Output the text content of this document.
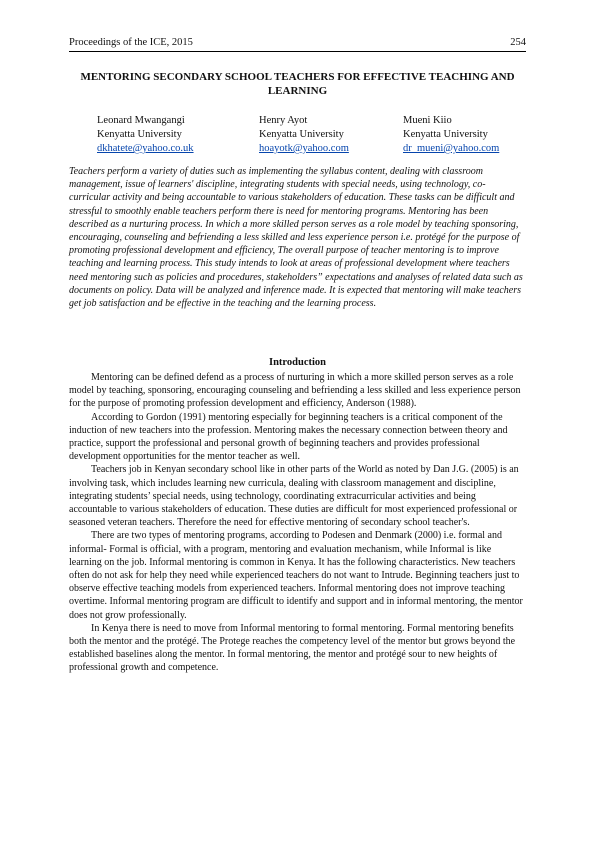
Proceedings of the ICE, 2015	254
MENTORING SECONDARY SCHOOL TEACHERS FOR EFFECTIVE TEACHING AND LEARNING
Leonard Mwangangi
Kenyatta University
dkhatete@yahoo.co.uk
Henry Ayot
Kenyatta University
hoayotk@yahoo.com
Mueni Kiio
Kenyatta University
dr_mueni@yahoo.com

Teachers perform a variety of duties such as implementing the syllabus content, dealing with classroom management, issue of learners' discipline, integrating students with special needs, using technology, co-curricular activity and being accountable to various stakeholders of education. These tasks can be difficult and stressful to smoothly enable teachers perform there is need for mentoring programs. Mentoring has been described as a nurturing process. In which a more skilled person serves as a role model by teaching sponsoring, encouraging, counseling and befriending a less skilled and less experience person i.e. protégé for the purpose of promoting professional development and efficiency, The overall purpose of teacher mentoring is to improve teaching and learning process. This study intends to look at areas of professional development where teachers need mentoring such as policies and procedures, stakeholders” expectations and analyses of related data such as documents on policy. Data will be analyzed and inference made. It is expected that mentoring will make teachers get job satisfaction and be effective in the teaching and the learning process.

Introduction

Mentoring can be defined defend as a process of nurturing in which a more skilled person serves as a role model by teaching, sponsoring, encouraging counseling and befriending a less skilled and less experience person for the purpose of promoting profession development and efficiency, Anderson (1988).

According to Gordon (1991) mentoring especially for beginning teachers is a critical component of the induction of new teachers into the profession. Mentoring makes the necessary connection between theory and practice, support the professional and personal growth of beginning teachers and provides professional development opportunities for the mentor teacher as well.

Teachers job in Kenyan secondary school like in other parts of the World as noted by Dan J.G. (2005) is an involving task, which includes learning new curricula, dealing with classroom management and discipline, integrating students’ special needs, using technology, coordinating extracurricular activities and being accountable to various stakeholders of education. These duties are difficult for most experienced professional or seasoned veteran teachers. Therefore the need for effective mentoring of secondary school teacher's.

There are two types of mentoring programs, according to Podesen and Denmark (2000) i.e. formal and informal- Formal is official, with a program, mentoring and evaluation mechanism, while Informal is like learning on the job. Informal mentoring is common in Kenya. It has the following characteristics. New teachers often do not ask for help they need while experienced teachers do not want to Intrude. Beginning teachers just to observe effective teaching models from experienced teachers. Informal mentoring does not improve teaching overtime. Informal mentoring program are difficult to identify and support and in informal mentoring, the mentor does not grow professionally.

In Kenya there is need to move from Informal mentoring to formal mentoring. Formal mentoring benefits both the mentor and the protégé. The Protege reaches the competency level of the mentor but grows beyond the established baselines along the mentor. In formal mentoring, the mentor and protégé sour to new heights of professional growth and competence.
